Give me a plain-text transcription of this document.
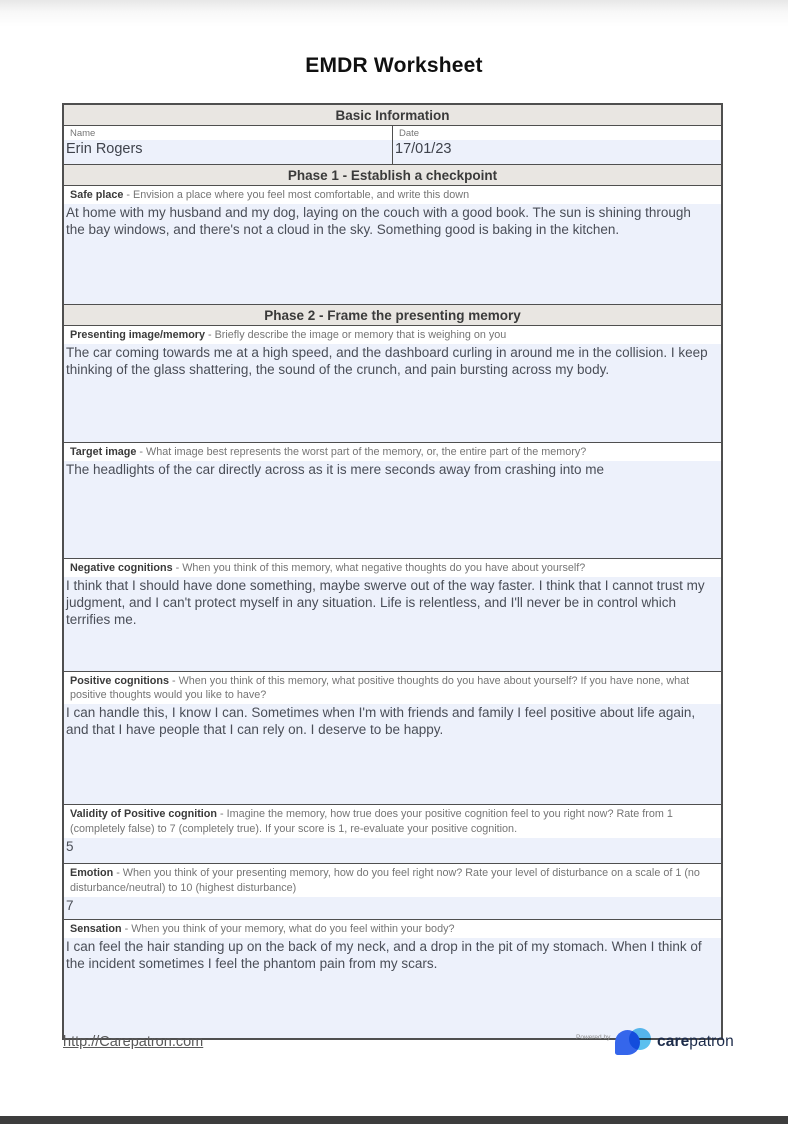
EMDR Worksheet
Basic Information
Name
Erin Rogers
Date
17/01/23
Phase 1 - Establish a checkpoint
Safe place - Envision a place where you feel most comfortable, and write this down
At home with my husband and my dog, laying on the couch with a good book. The sun is shining through the bay windows, and there's not a cloud in the sky. Something good is baking in the kitchen.
Phase 2 - Frame the presenting memory
Presenting image/memory - Briefly describe the image or memory that is weighing on you
The car coming towards me at a high speed, and the dashboard curling in around me in the collision. I keep thinking of the glass shattering, the sound of the crunch, and pain bursting across my body.
Target image - What image best represents the worst part of the memory, or, the entire part of the memory?
The headlights of the car directly across as it is mere seconds away from crashing into me
Negative cognitions - When you think of this memory, what negative thoughts do you have about yourself?
I think that I should have done something, maybe swerve out of the way faster. I think that I cannot trust my judgment, and I can't protect myself in any situation. Life is relentless, and I'll never be in control which terrifies me.
Positive cognitions - When you think of this memory, what positive thoughts do you have about yourself? If you have none, what positive thoughts would you like to have?
I can handle this, I know I can. Sometimes when I'm with friends and family I feel positive about life again, and that I have people that I can rely on. I deserve to be happy.
Validity of Positive cognition - Imagine the memory, how true does your positive cognition feel to you right now? Rate from 1 (completely false) to 7 (completely true). If your score is 1, re-evaluate your positive cognition.
5
Emotion - When you think of your presenting memory, how do you feel right now? Rate your level of disturbance on a scale of 1 (no disturbance/neutral) to 10 (highest disturbance)
7
Sensation - When you think of your memory, what do you feel within your body?
I can feel the hair standing up on the back of my neck, and a drop in the pit of my stomach. When I think of the incident sometimes I feel the phantom pain from my scars.
http://Carepatron.com	Powered by	carepatron
